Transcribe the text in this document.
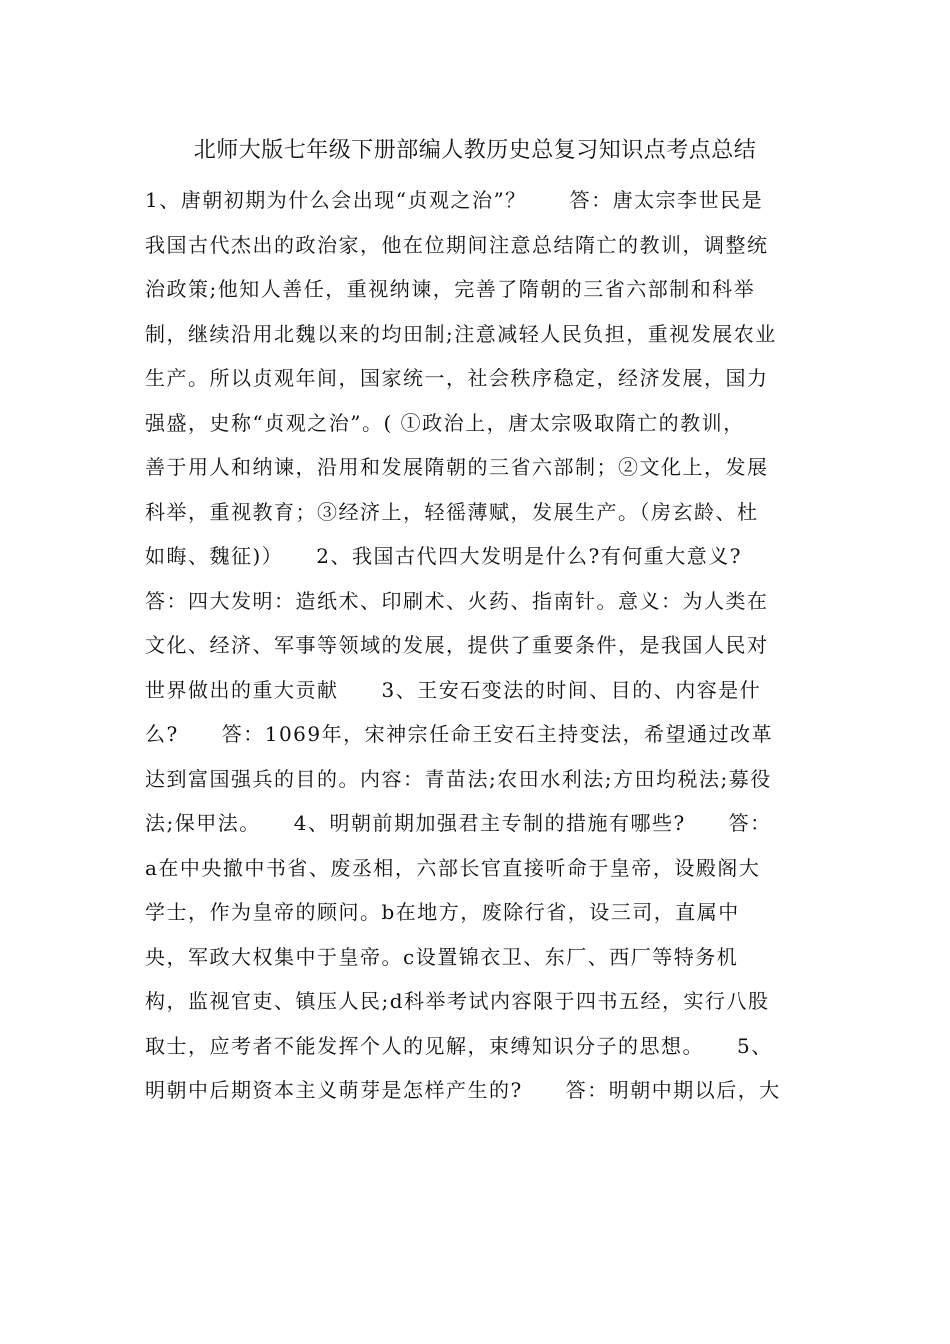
北师大版七年级下册部编人教历史总复习知识点考点总结
1、唐朝初期为什么会出现“贞观之治”？　　答：唐太宗李世民是
我国古代杰出的政治家，他在位期间注意总结隋亡的教训，调整统
治政策;他知人善任，重视纳谏，完善了隋朝的三省六部制和科举
制，继续沿用北魏以来的均田制;注意减轻人民负担，重视发展农业
生产。所以贞观年间，国家统一，社会秩序稳定，经济发展，国力
强盛，史称“贞观之治”。( ①政治上，唐太宗吸取隋亡的教训，
善于用人和纳谏，沿用和发展隋朝的三省六部制；②文化上，发展
科举，重视教育；③经济上，轻徭薄赋，发展生产。（房玄龄、杜
如晦、魏征)）　　2、我国古代四大发明是什么?有何重大意义?
答：四大发明：造纸术、印刷术、火药、指南针。意义：为人类在
文化、经济、军事等领域的发展，提供了重要条件，是我国人民对
世界做出的重大贡献　　3、王安石变法的时间、目的、内容是什
么?　　答：1069年，宋神宗任命王安石主持变法，希望通过改革
达到富国强兵的目的。内容：青苗法;农田水利法;方田均税法;募役
法;保甲法。　　4、明朝前期加强君主专制的措施有哪些?　　答：
a在中央撤中书省、废丞相，六部长官直接听命于皇帝，设殿阁大
学士，作为皇帝的顾问。b在地方，废除行省，设三司，直属中
央，军政大权集中于皇帝。c设置锦衣卫、东厂、西厂等特务机
构，监视官吏、镇压人民;d科举考试内容限于四书五经，实行八股
取士，应考者不能发挥个人的见解，束缚知识分子的思想。　　5、
明朝中后期资本主义萌芽是怎样产生的?　　答：明朝中期以后，大
